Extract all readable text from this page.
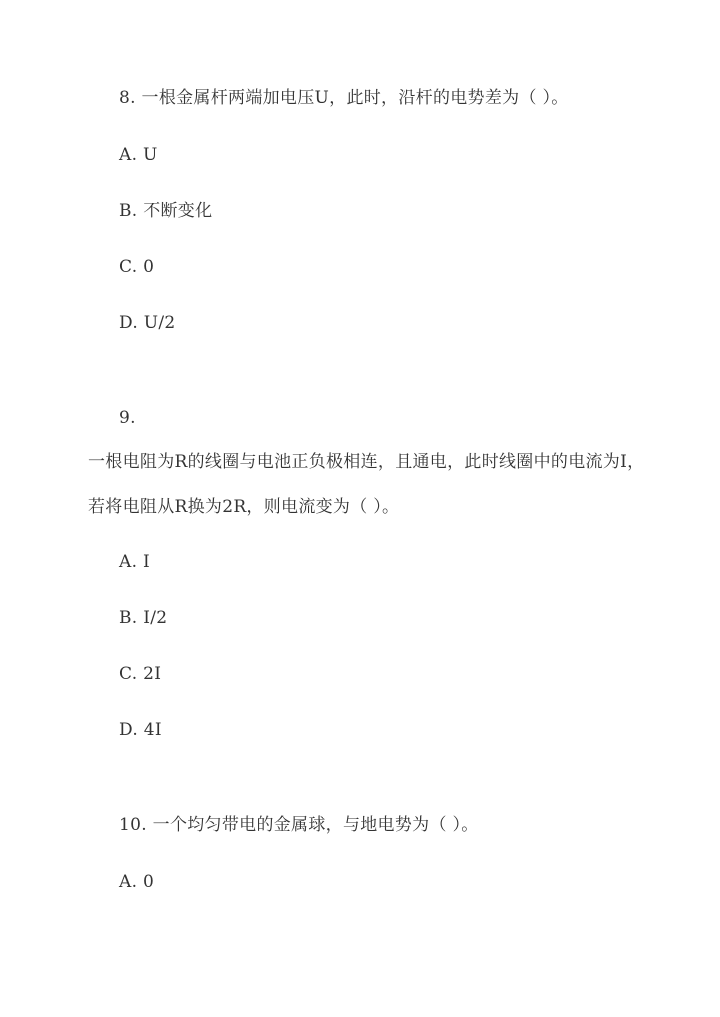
8. 一根金属杆两端加电压U，此时，沿杆的电势差为（ ）。
A. U
B. 不断变化
C. 0
D. U/2
9.
一根电阻为R的线圈与电池正负极相连，且通电，此时线圈中的电流为I，
若将电阻从R换为2R，则电流变为（ ）。
A. I
B. I/2
C. 2I
D. 4I
10. 一个均匀带电的金属球，与地电势为（ ）。
A. 0
